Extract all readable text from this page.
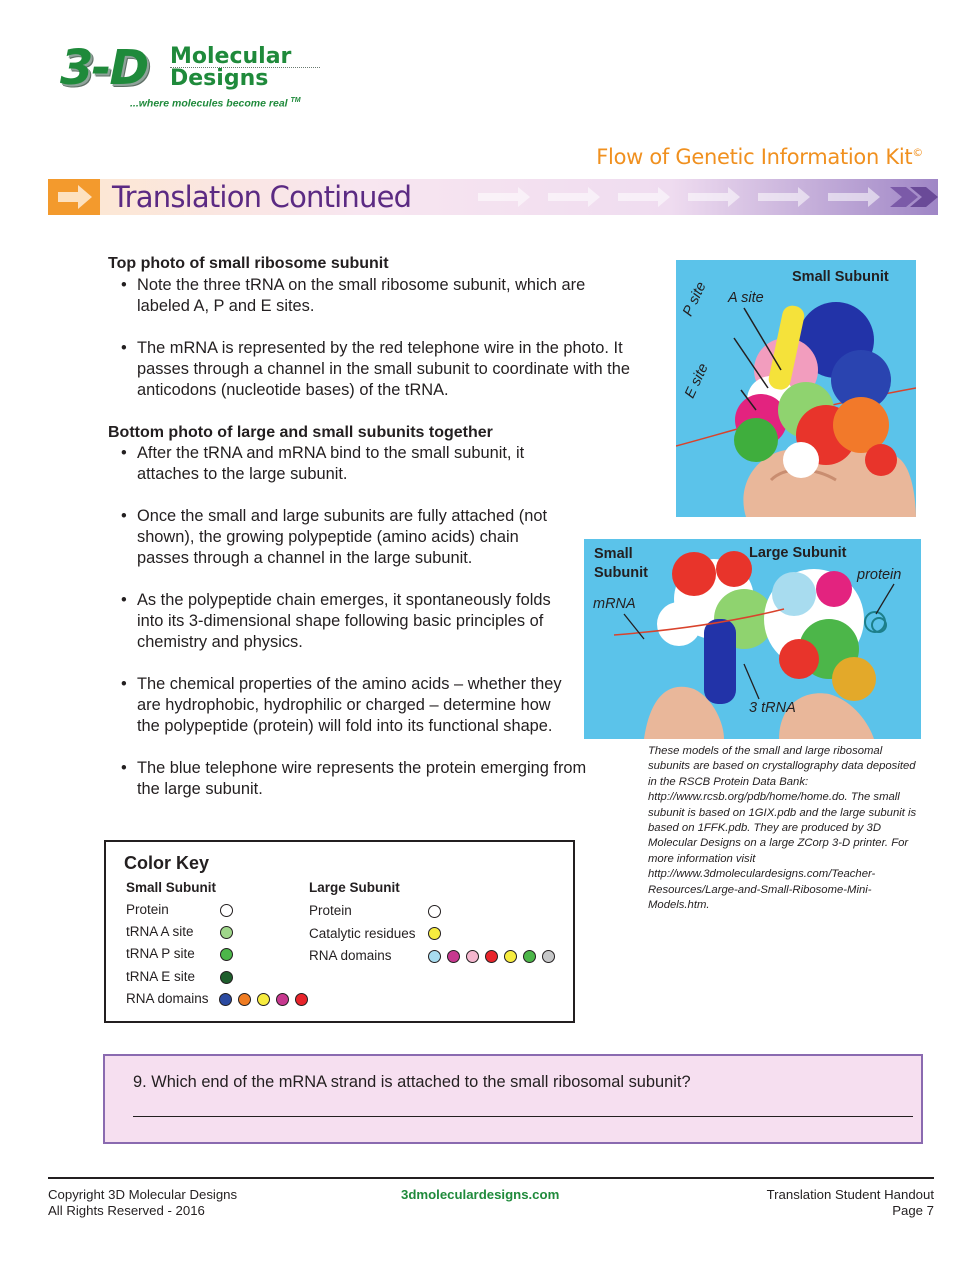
3-D Molecular
Designs
...where molecules become real ™
Flow of Genetic Information Kit©
Translation Continued
Top photo of small ribosome subunit
• Note the three tRNA on the small ribosome subunit, which are labeled A, P and E sites.
• The mRNA is represented by the red telephone wire in the photo. It passes through a channel in the small subunit to coordinate with the anticodons (nucleotide bases) of the tRNA.
Bottom photo of large and small subunits together
• After the tRNA and mRNA bind to the small subunit, it attaches to the large subunit.
• Once the small and large subunits are fully attached (not shown), the growing polypeptide (amino acids) chain passes through a channel in the large subunit.
• As the polypeptide chain emerges, it spontaneously folds into its 3-dimensional shape following basic principles of chemistry and physics.
• The chemical properties of the amino acids – whether they are hydrophobic, hydrophilic or charged – determine how the polypeptide (protein) will fold into its functional shape.
• The blue telephone wire represents the protein emerging from the large subunit.
Small Subunit
A site
P site
E site
Small
Subunit
Large Subunit
protein
mRNA
3 tRNA
These models of the small and large ribosomal subunits are based on crystallography data deposited in the RSCB Protein Data Bank: http://www.rcsb.org/pdb/home/home.do. The small subunit is based on 1GIX.pdb and the large subunit is based on 1FFK.pdb. They are produced by 3D Molecular Designs on a large ZCorp 3-D printer. For more information visit http://www.3dmoleculardesigns.com/Teacher-Resources/Large-and-Small-Ribosome-Mini-Models.htm.
Color Key
Small Subunit
Protein
tRNA A site
tRNA P site
tRNA E site
RNA domains
Large Subunit
Protein
Catalytic residues
RNA domains
9. Which end of the mRNA strand is attached to the small ribosomal subunit?
Copyright 3D Molecular Designs
All Rights Reserved - 2016
3dmoleculardesigns.com	Translation Student Handout
Page 7
